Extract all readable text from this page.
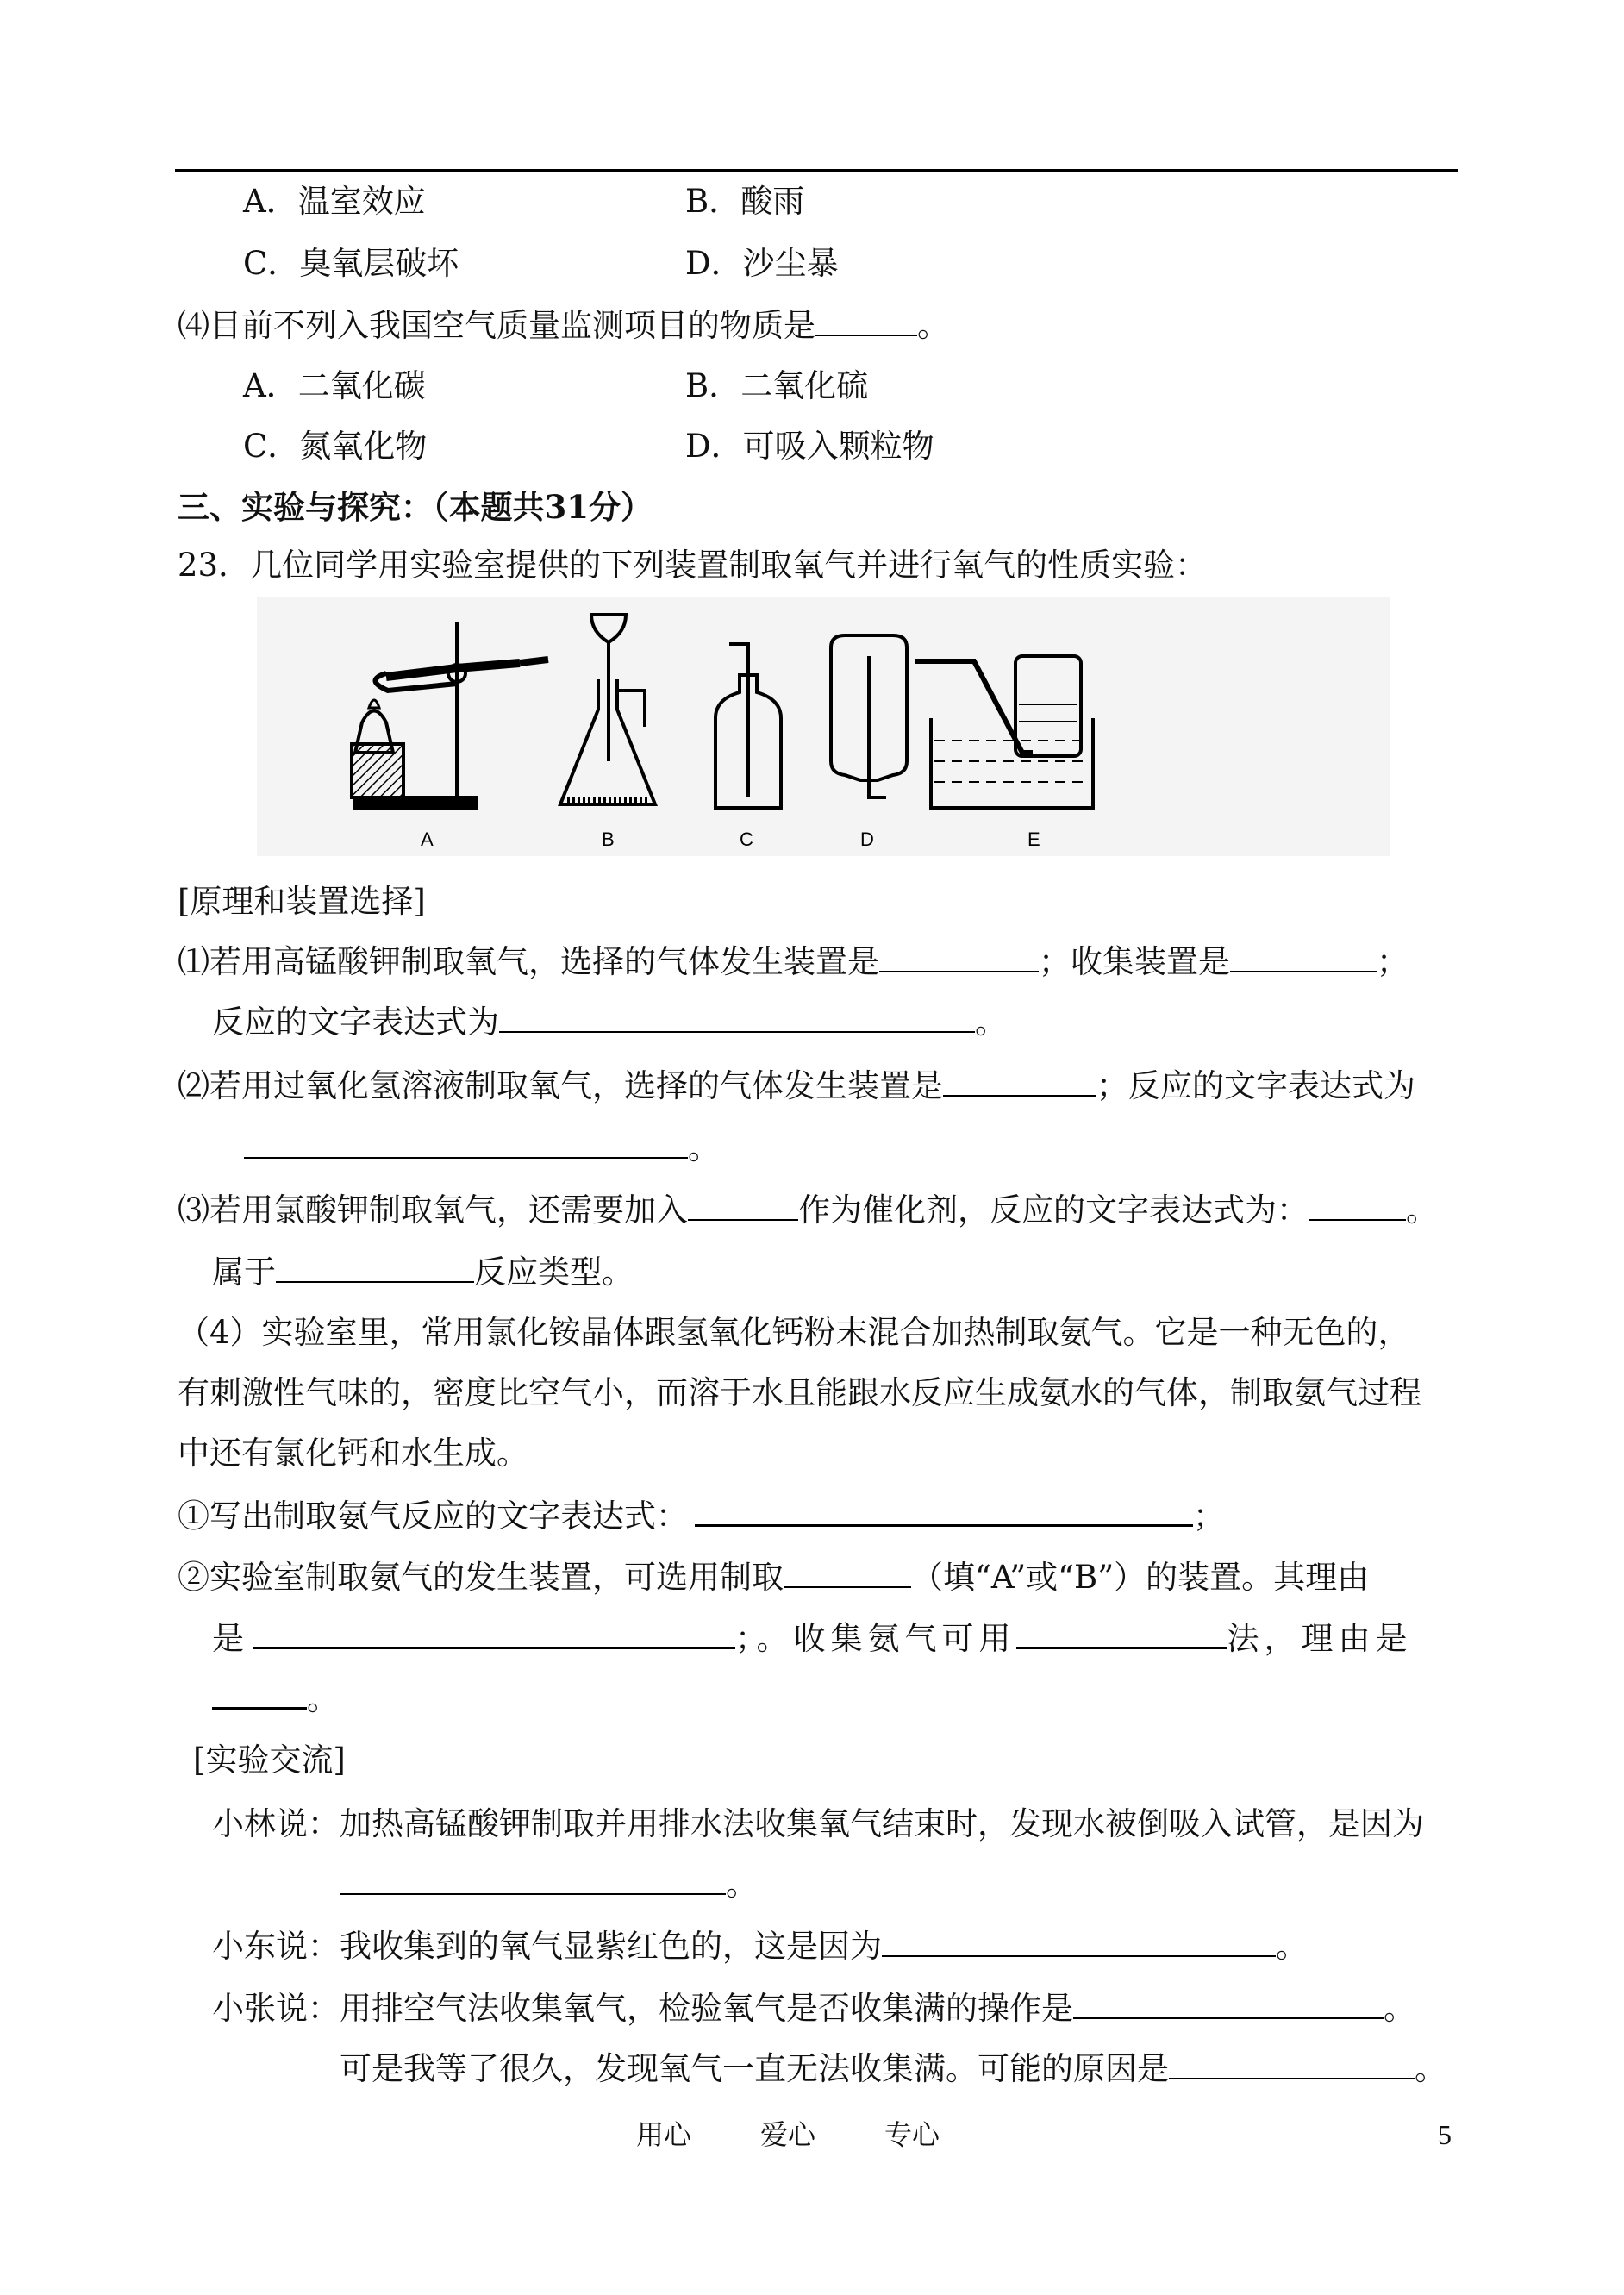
A．温室效应	B．酸雨
C．臭氧层破坏	D．沙尘暴
⑷目前不列入我国空气质量监测项目的物质是	。
A．二氧化碳	B．二氧化硫
C．氮氧化物	D．可吸入颗粒物
三、实验与探究：（本题共31分）
23．几位同学用实验室提供的下列装置制取氧气并进行氧气的性质实验：
A	B	C	D	E
[原理和装置选择]
⑴若用高锰酸钾制取氧气，选择的气体发生装置是	；收集装置是	；
反应的文字表达式为	。
⑵若用过氧化氢溶液制取氧气，选择的气体发生装置是	；反应的文字表达式为
。
⑶若用氯酸钾制取氧气，还需要加入	作为催化剂，反应的文字表达式为：	。
属于	反应类型。
（4）实验室里，常用氯化铵晶体跟氢氧化钙粉末混合加热制取氨气。它是一种无色的，
有刺激性气味的，密度比空气小，而溶于水且能跟水反应生成氨水的气体，制取氨气过程
中还有氯化钙和水生成。
①写出制取氨气反应的文字表达式：	；
②实验室制取氨气的发生装置，可选用制取	（填“A”或“B”）的装置。其理由
是	；。收集氨气可用	法，理由是
。
[实验交流]
小林说：加热高锰酸钾制取并用排水法收集氧气结束时，发现水被倒吸入试管，是因为
。
小东说：我收集到的氧气显紫红色的，这是因为	。
小张说：用排空气法收集氧气，检验氧气是否收集满的操作是	。
可是我等了很久，发现氧气一直无法收集满。可能的原因是	。
用心 爱心 专心	5
